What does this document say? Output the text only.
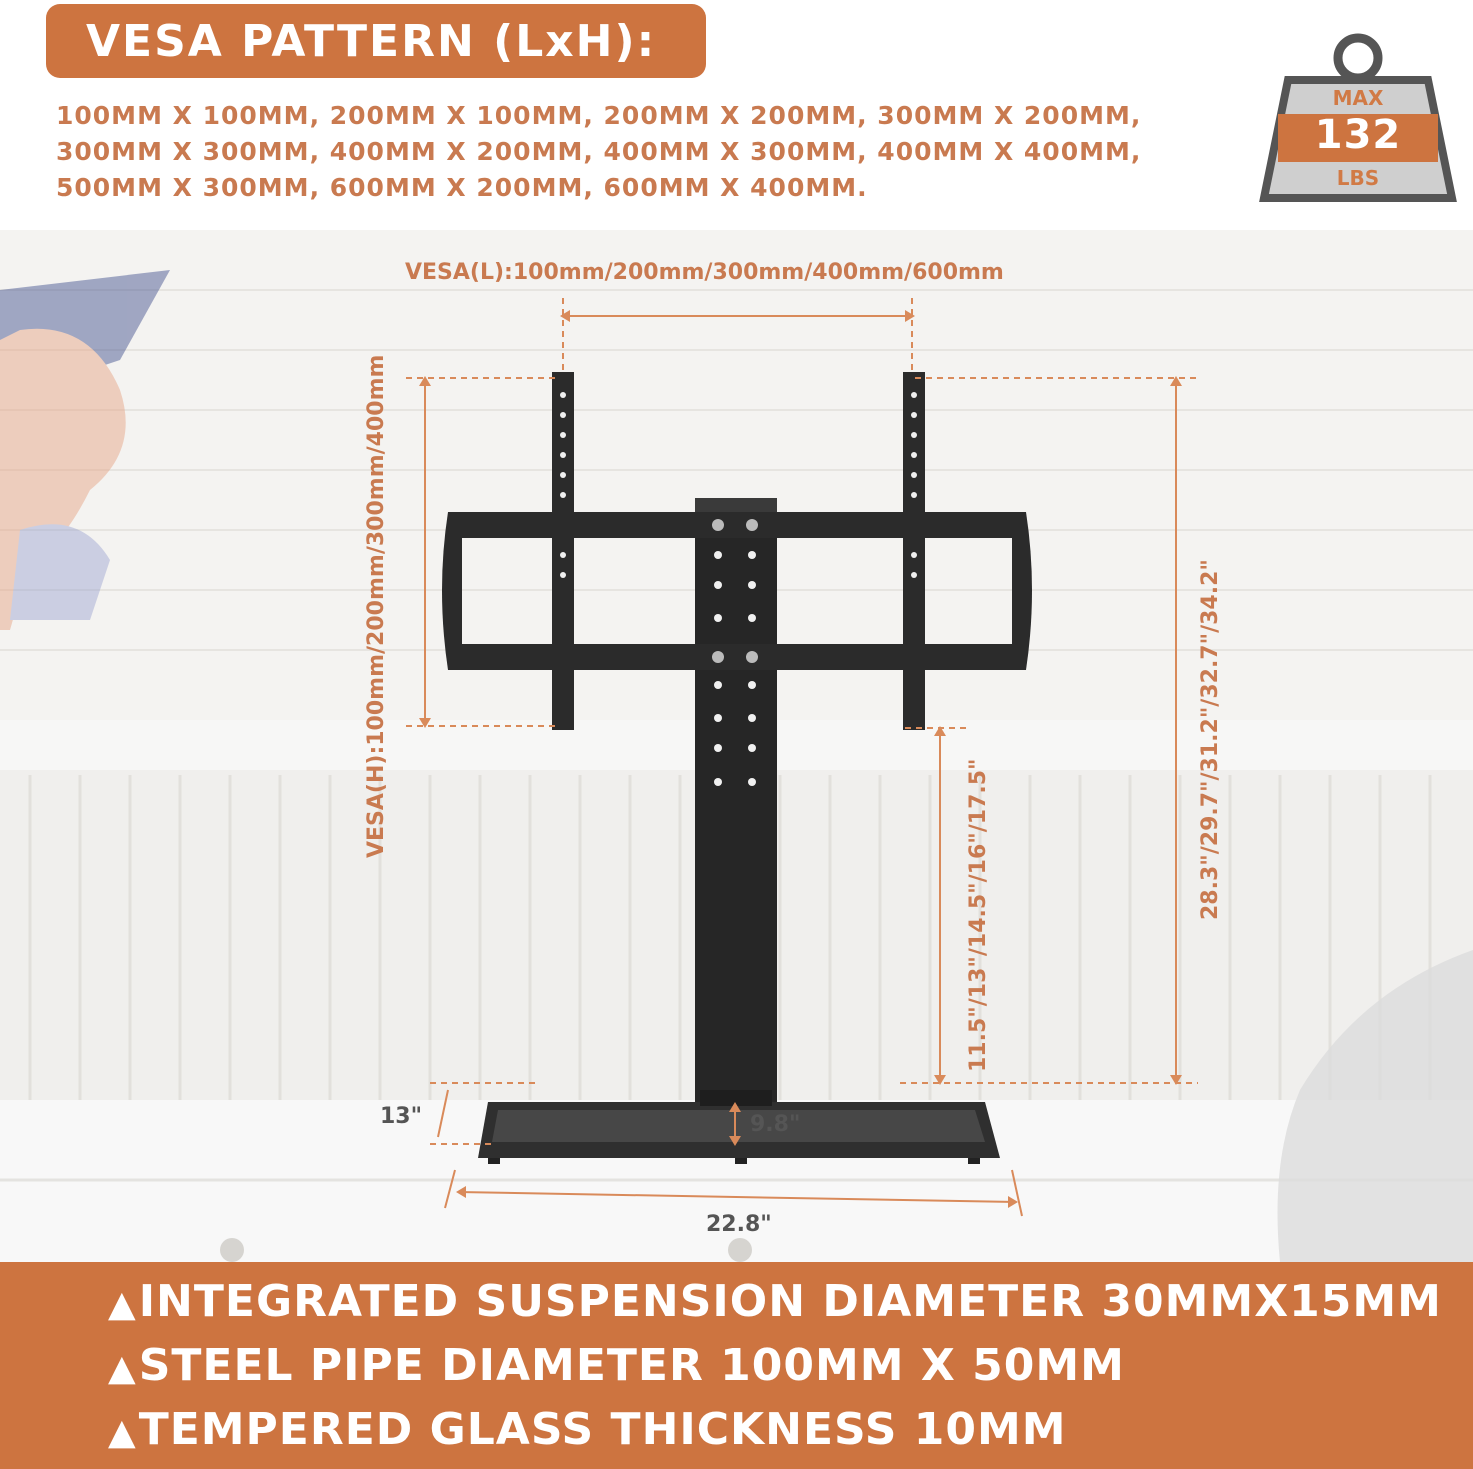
VESA PATTERN (LxH):
100MM X 100MM, 200MM X 100MM, 200MM X 200MM, 300MM X 200MM,
300MM X 300MM, 400MM X 200MM, 400MM X 300MM, 400MM X 400MM,
500MM X 300MM, 600MM X 200MM, 600MM X 400MM.
MAX
132
LBS
VESA(L):100mm/200mm/300mm/400mm/600mm
VESA(H):100mm/200mm/300mm/400mm	28.3"/29.7"/31.2"/32.7"/34.2"
11.5"/13"/14.5"/16"/17.5"
13"	9.8"
22.8"
▲INTEGRATED SUSPENSION DIAMETER 30MMX15MM
▲STEEL PIPE DIAMETER 100MM X 50MM
▲TEMPERED GLASS THICKNESS 10MM
